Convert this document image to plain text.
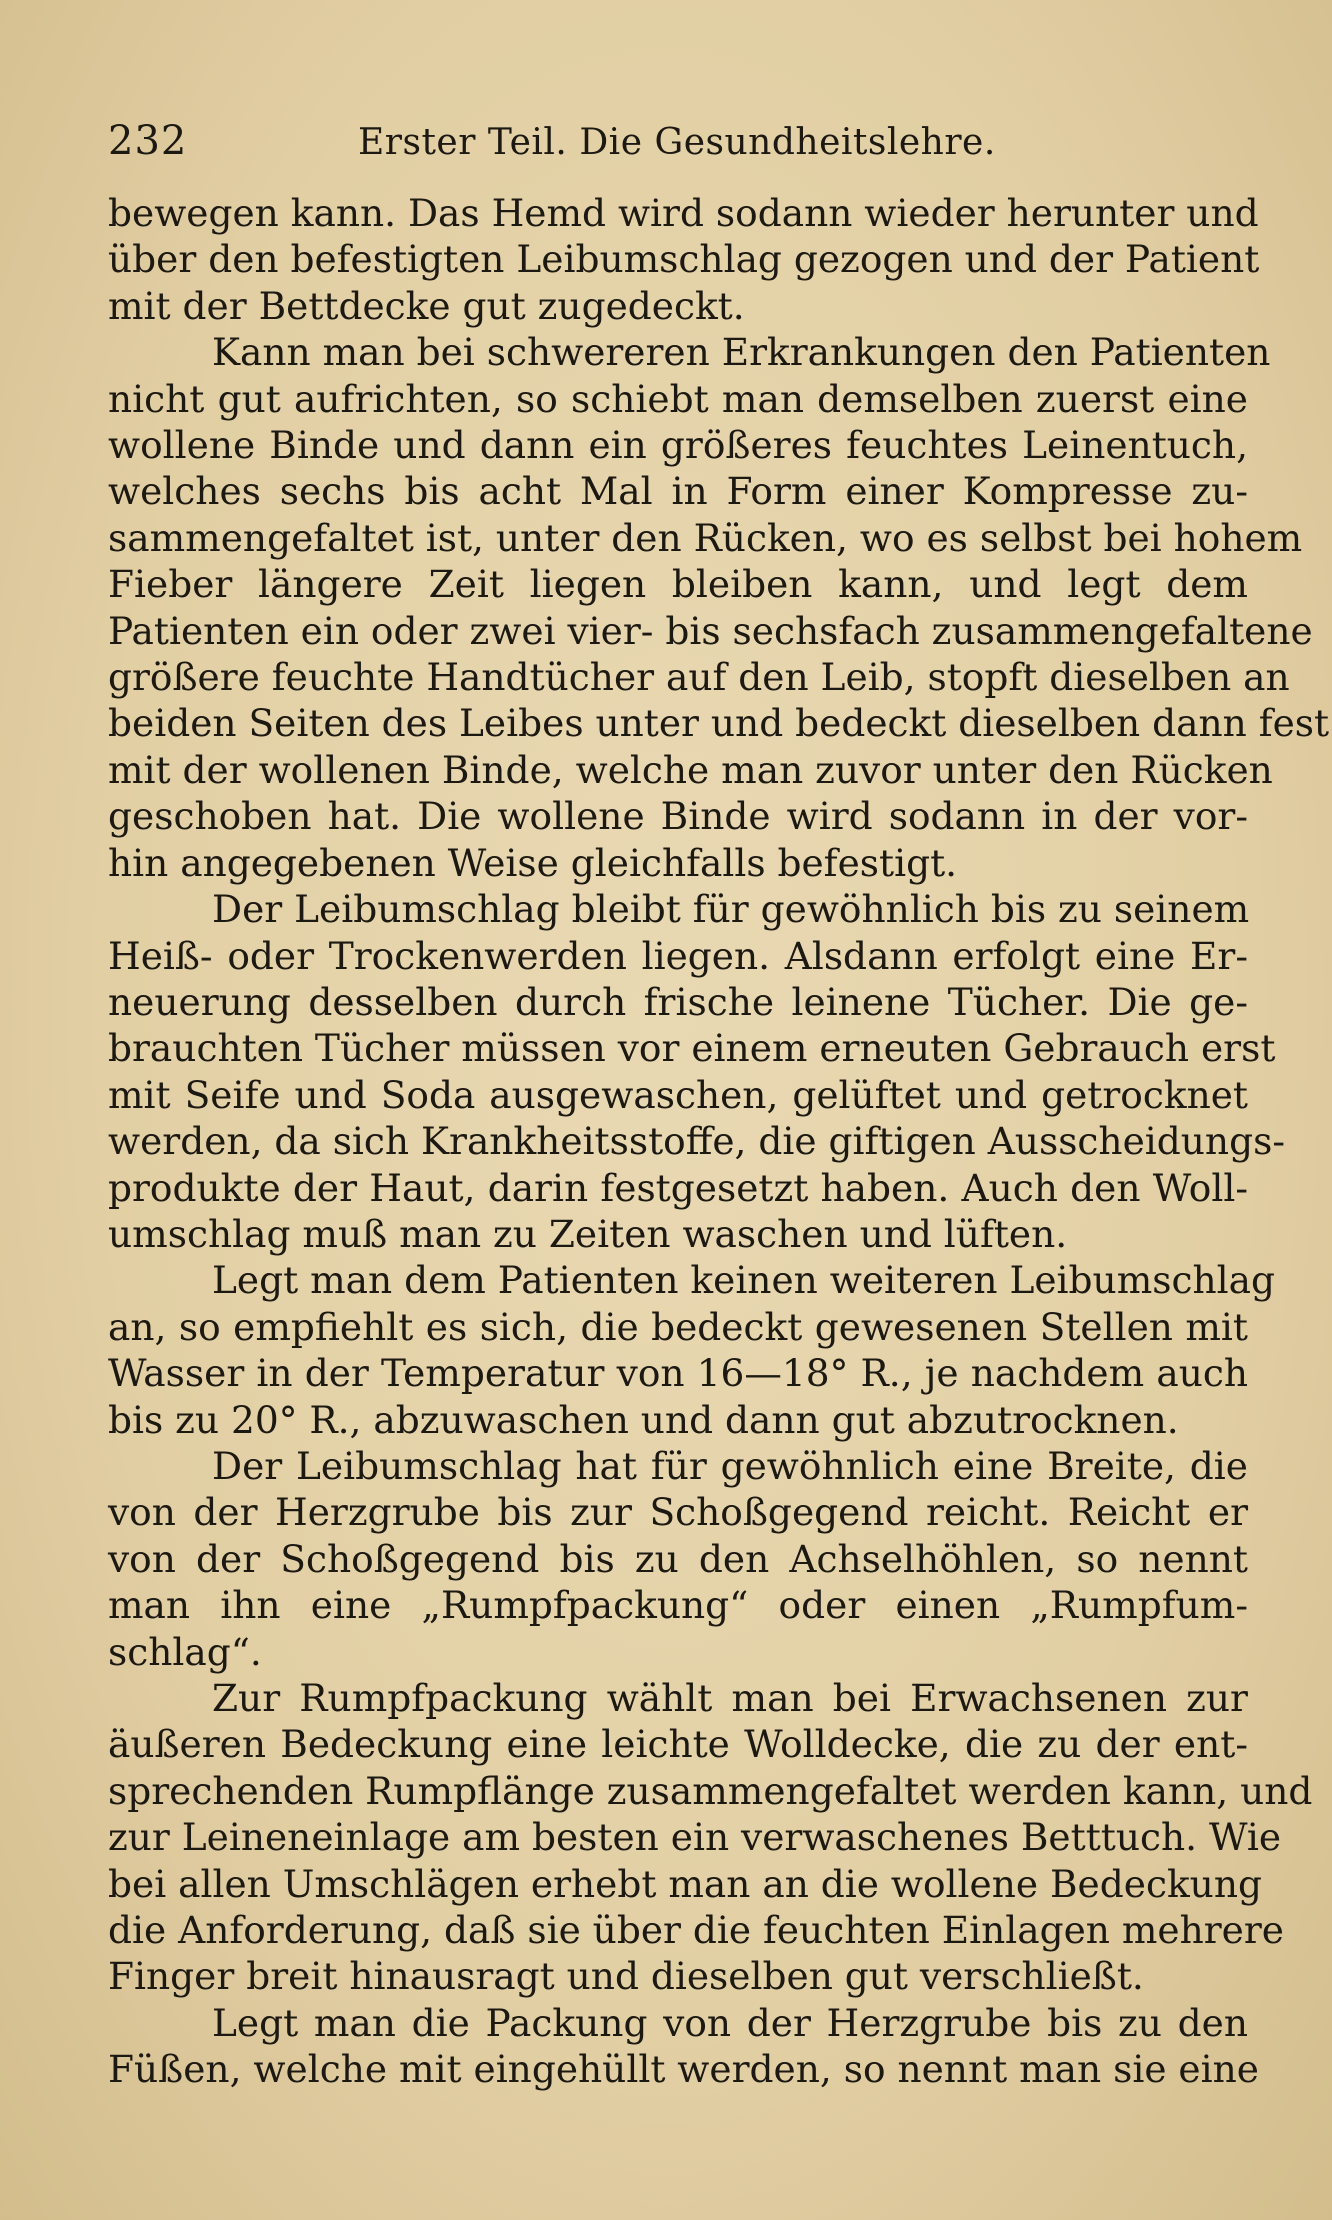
232	Erster Teil. Die Gesundheitslehre.
bewegen kann. Das Hemd wird sodann wieder herunter und
über den befestigten Leibumschlag gezogen und der Patient
mit der Bettdecke gut zugedeckt.
Kann man bei schwereren Erkrankungen den Patienten
nicht gut aufrichten, so schiebt man demselben zuerst eine
wollene Binde und dann ein größeres feuchtes Leinentuch,
welches sechs bis acht Mal in Form einer Kompresse zu-
sammengefaltet ist, unter den Rücken, wo es selbst bei hohem
Fieber längere Zeit liegen bleiben kann, und legt dem
Patienten ein oder zwei vier- bis sechsfach zusammengefaltene
größere feuchte Handtücher auf den Leib, stopft dieselben an
beiden Seiten des Leibes unter und bedeckt dieselben dann fest
mit der wollenen Binde, welche man zuvor unter den Rücken
geschoben hat. Die wollene Binde wird sodann in der vor-
hin angegebenen Weise gleichfalls befestigt.
Der Leibumschlag bleibt für gewöhnlich bis zu seinem
Heiß- oder Trockenwerden liegen. Alsdann erfolgt eine Er-
neuerung desselben durch frische leinene Tücher. Die ge-
brauchten Tücher müssen vor einem erneuten Gebrauch erst
mit Seife und Soda ausgewaschen, gelüftet und getrocknet
werden, da sich Krankheitsstoffe, die giftigen Ausscheidungs-
produkte der Haut, darin festgesetzt haben. Auch den Woll-
umschlag muß man zu Zeiten waschen und lüften.
Legt man dem Patienten keinen weiteren Leibumschlag
an, so empfiehlt es sich, die bedeckt gewesenen Stellen mit
Wasser in der Temperatur von 16—18° R., je nachdem auch
bis zu 20° R., abzuwaschen und dann gut abzutrocknen.
Der Leibumschlag hat für gewöhnlich eine Breite, die
von der Herzgrube bis zur Schoßgegend reicht. Reicht er
von der Schoßgegend bis zu den Achselhöhlen, so nennt
man ihn eine „Rumpfpackung“ oder einen „Rumpfum-
schlag“.
Zur Rumpfpackung wählt man bei Erwachsenen zur
äußeren Bedeckung eine leichte Wolldecke, die zu der ent-
sprechenden Rumpflänge zusammengefaltet werden kann, und
zur Leineneinlage am besten ein verwaschenes Betttuch. Wie
bei allen Umschlägen erhebt man an die wollene Bedeckung
die Anforderung, daß sie über die feuchten Einlagen mehrere
Finger breit hinausragt und dieselben gut verschließt.
Legt man die Packung von der Herzgrube bis zu den
Füßen, welche mit eingehüllt werden, so nennt man sie eine
